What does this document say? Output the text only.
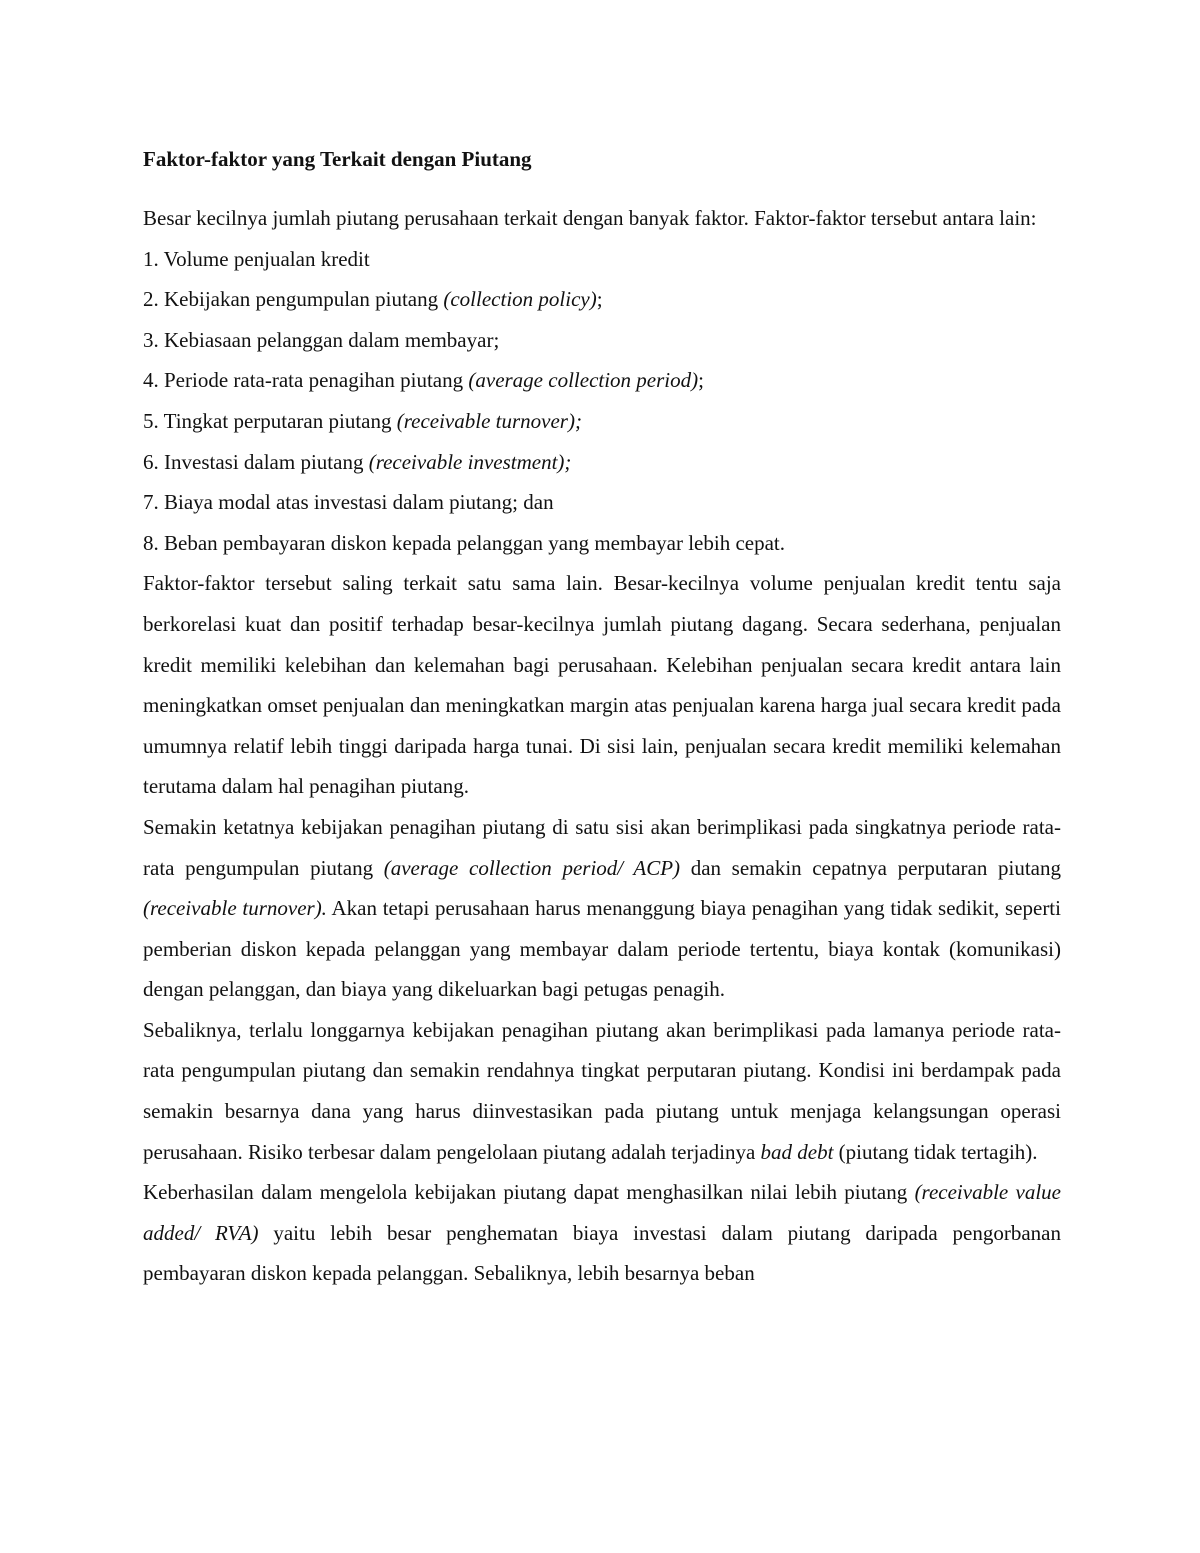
Faktor-faktor yang Terkait dengan Piutang

Besar kecilnya jumlah piutang perusahaan terkait dengan banyak faktor. Faktor-faktor tersebut antara lain:

1. Volume penjualan kredit
2. Kebijakan pengumpulan piutang (collection policy);
3. Kebiasaan pelanggan dalam membayar;
4. Periode rata-rata penagihan piutang (average collection period);
5. Tingkat perputaran piutang (receivable turnover);
6. Investasi dalam piutang (receivable investment);
7. Biaya modal atas investasi dalam piutang; dan
8. Beban pembayaran diskon kepada pelanggan yang membayar lebih cepat.

Faktor-faktor tersebut saling terkait satu sama lain. Besar-kecilnya volume penjualan kredit tentu saja berkorelasi kuat dan positif terhadap besar-kecilnya jumlah piutang dagang. Secara sederhana, penjualan kredit memiliki kelebihan dan kelemahan bagi perusahaan. Kelebihan penjualan secara kredit antara lain meningkatkan omset penjualan dan meningkatkan margin atas penjualan karena harga jual secara kredit pada umumnya relatif lebih tinggi daripada harga tunai. Di sisi lain, penjualan secara kredit memiliki kelemahan terutama dalam hal penagihan piutang.

Semakin ketatnya kebijakan penagihan piutang di satu sisi akan berimplikasi pada singkatnya periode rata-rata pengumpulan piutang (average collection period/ ACP) dan semakin cepatnya perputaran piutang (receivable turnover). Akan tetapi perusahaan harus menanggung biaya penagihan yang tidak sedikit, seperti pemberian diskon kepada pelanggan yang membayar dalam periode tertentu, biaya kontak (komunikasi) dengan pelanggan, dan biaya yang dikeluarkan bagi petugas penagih.

Sebaliknya, terlalu longgarnya kebijakan penagihan piutang akan berimplikasi pada lamanya periode rata-rata pengumpulan piutang dan semakin rendahnya tingkat perputaran piutang. Kondisi ini berdampak pada semakin besarnya dana yang harus diinvestasikan pada piutang untuk menjaga kelangsungan operasi perusahaan. Risiko terbesar dalam pengelolaan piutang adalah terjadinya bad debt (piutang tidak tertagih).

Keberhasilan dalam mengelola kebijakan piutang dapat menghasilkan nilai lebih piutang (receivable value added/ RVA) yaitu lebih besar penghematan biaya investasi dalam piutang daripada pengorbanan pembayaran diskon kepada pelanggan. Sebaliknya, lebih besarnya beban
